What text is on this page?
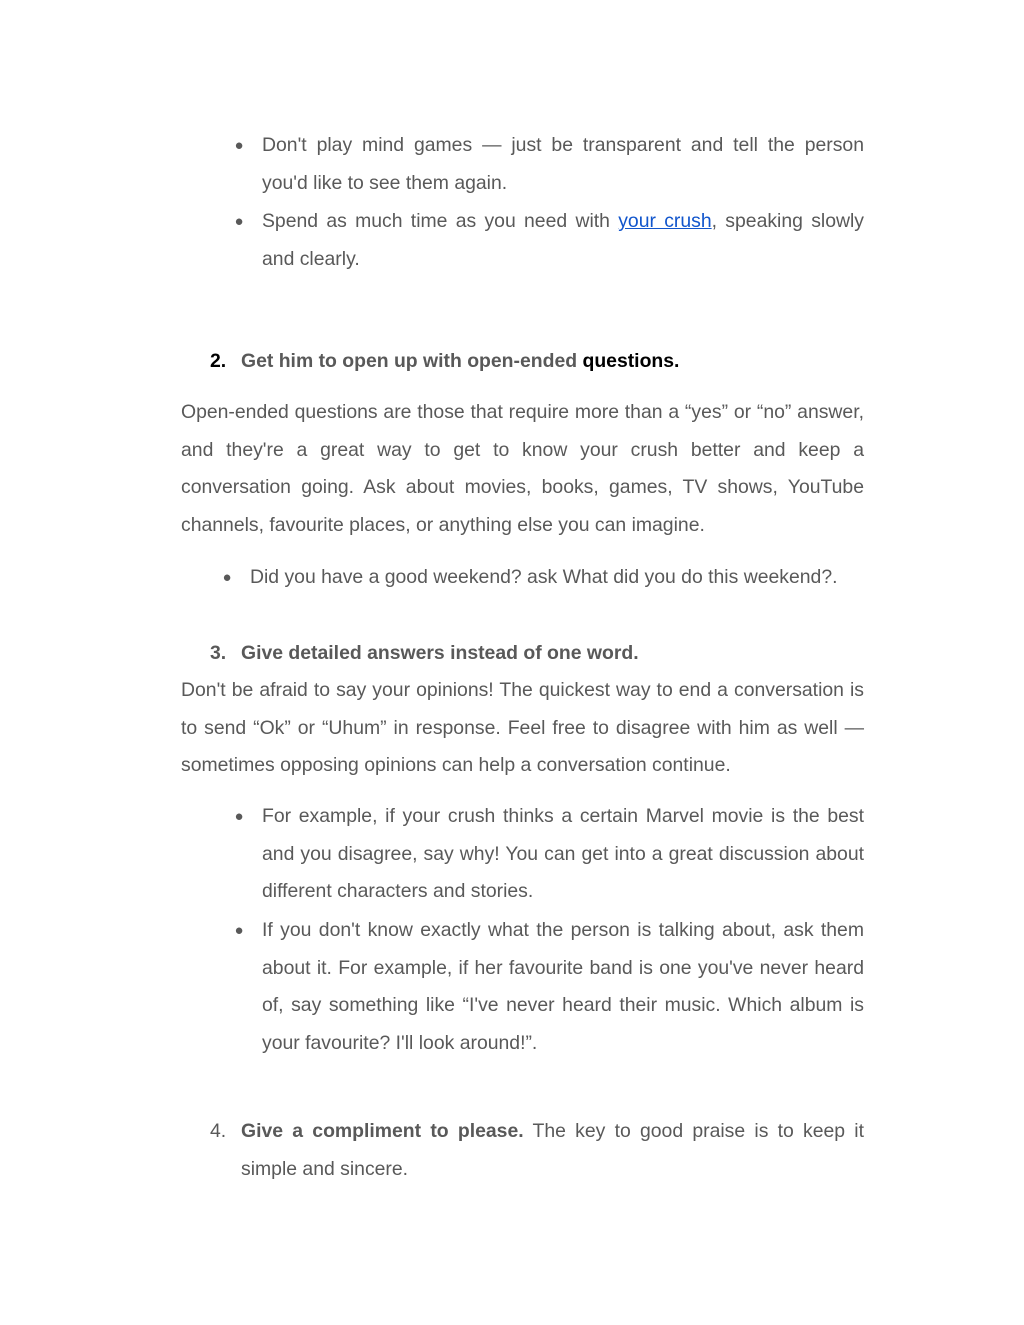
● Don't play mind games — just be transparent and tell the person you'd like to see them again.
● Spend as much time as you need with your crush, speaking slowly and clearly.
2. Get him to open up with open-ended questions.
Open-ended questions are those that require more than a “yes” or “no” answer, and they're a great way to get to know your crush better and keep a conversation going. Ask about movies, books, games, TV shows, YouTube channels, favourite places, or anything else you can imagine.
● Did you have a good weekend? ask What did you do this weekend?.
3. Give detailed answers instead of one word.
Don't be afraid to say your opinions! The quickest way to end a conversation is to send “Ok” or “Uhum” in response. Feel free to disagree with him as well — sometimes opposing opinions can help a conversation continue.
● For example, if your crush thinks a certain Marvel movie is the best and you disagree, say why! You can get into a great discussion about different characters and stories.
● If you don't know exactly what the person is talking about, ask them about it. For example, if her favourite band is one you've never heard of, say something like “I've never heard their music. Which album is your favourite? I'll look around!”.
4. Give a compliment to please. The key to good praise is to keep it simple and sincere.
